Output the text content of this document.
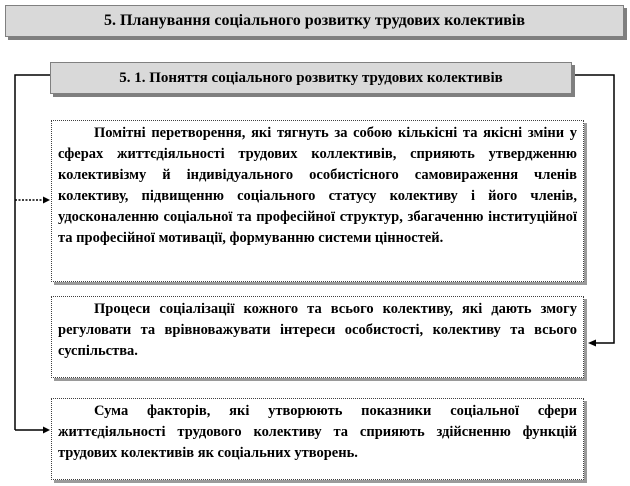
5. Планування соціального розвитку трудових колективів
5. 1. Поняття соціального розвитку трудових колективів

Помітні перетворення, які тягнуть за собою кількісні та якісні зміни у сферах життєдіяльності трудових коллективів, сприяють утвердженню колективізму й індивідуального особистісного самовираження членів колективу, підвищенню соціального статусу колективу і його членів, удосконаленню соціальної та професійної структур, збагаченню інституційної та професійної мотивації, формуванню системи цінностей.

Процеси соціалізації кожного та всього колективу, які дають змогу регуловати та врівноважувати інтереси особистості, колективу та всього суспільства.

Сума факторів, які утворюють показники соціальної сфери життєдіяльності трудового колективу та сприяють здійсненню функцій трудових колективів як соціальних утворень.
